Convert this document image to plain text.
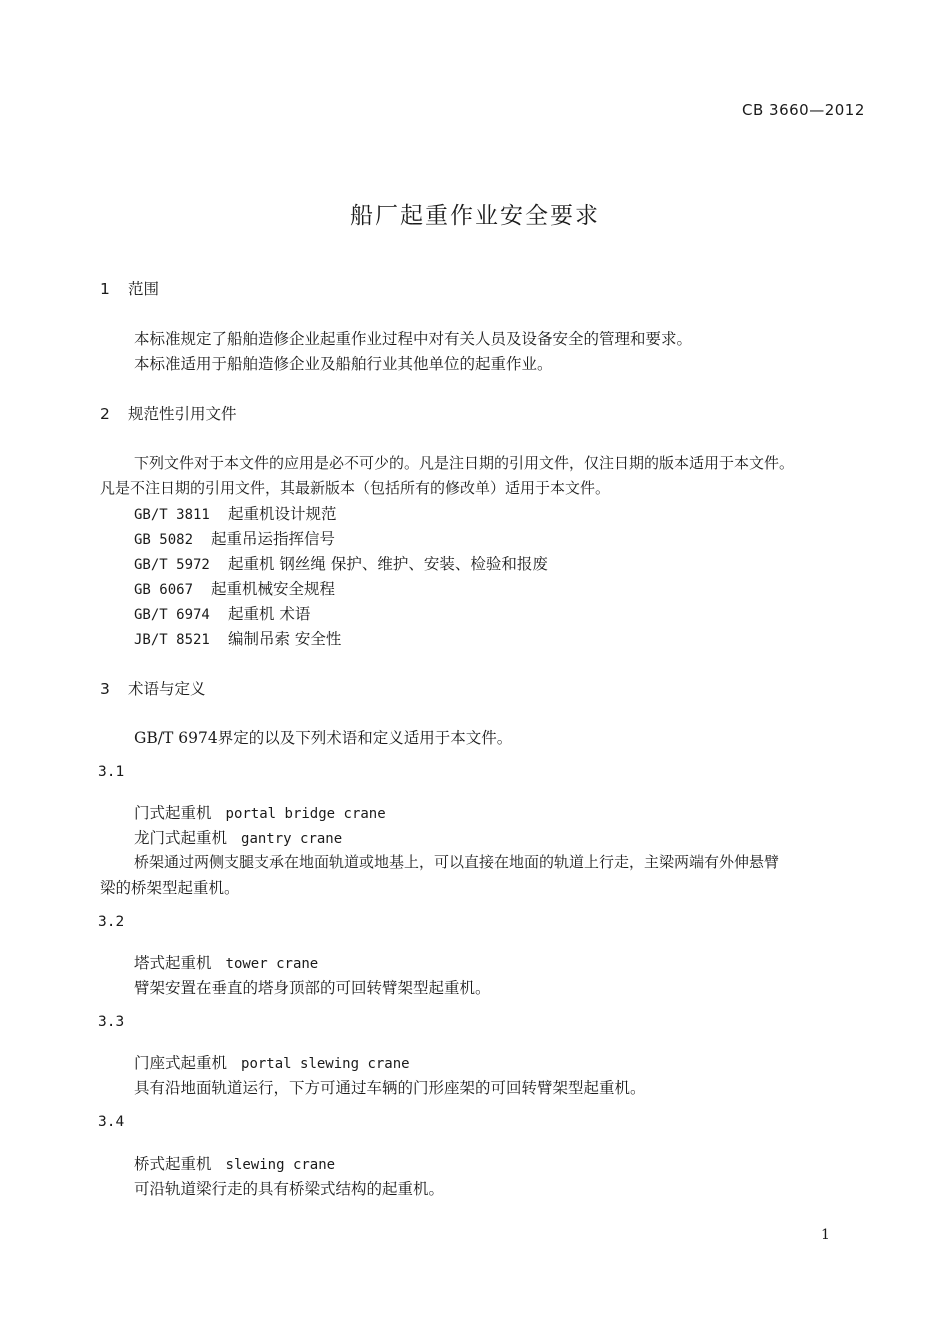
CB 3660—2012
船厂起重作业安全要求
1 范围
本标准规定了船舶造修企业起重作业过程中对有关人员及设备安全的管理和要求。
本标准适用于船舶造修企业及船舶行业其他单位的起重作业。
2 规范性引用文件
下列文件对于本文件的应用是必不可少的。凡是注日期的引用文件，仅注日期的版本适用于本文件。
凡是不注日期的引用文件，其最新版本（包括所有的修改单）适用于本文件。
GB/T 3811 起重机设计规范
GB 5082 起重吊运指挥信号
GB/T 5972 起重机 钢丝绳 保护、维护、安装、检验和报废
GB 6067 起重机械安全规程
GB/T 6974 起重机 术语
JB/T 8521 编制吊索 安全性
3 术语与定义
GB/T 6974界定的以及下列术语和定义适用于本文件。
3.1
门式起重机 portal bridge crane
龙门式起重机 gantry crane
桥架通过两侧支腿支承在地面轨道或地基上，可以直接在地面的轨道上行走，主梁两端有外伸悬臂
梁的桥架型起重机。
3.2
塔式起重机 tower crane
臂架安置在垂直的塔身顶部的可回转臂架型起重机。
3.3
门座式起重机 portal slewing crane
具有沿地面轨道运行，下方可通过车辆的门形座架的可回转臂架型起重机。
3.4
桥式起重机 slewing crane
可沿轨道梁行走的具有桥梁式结构的起重机。
1
